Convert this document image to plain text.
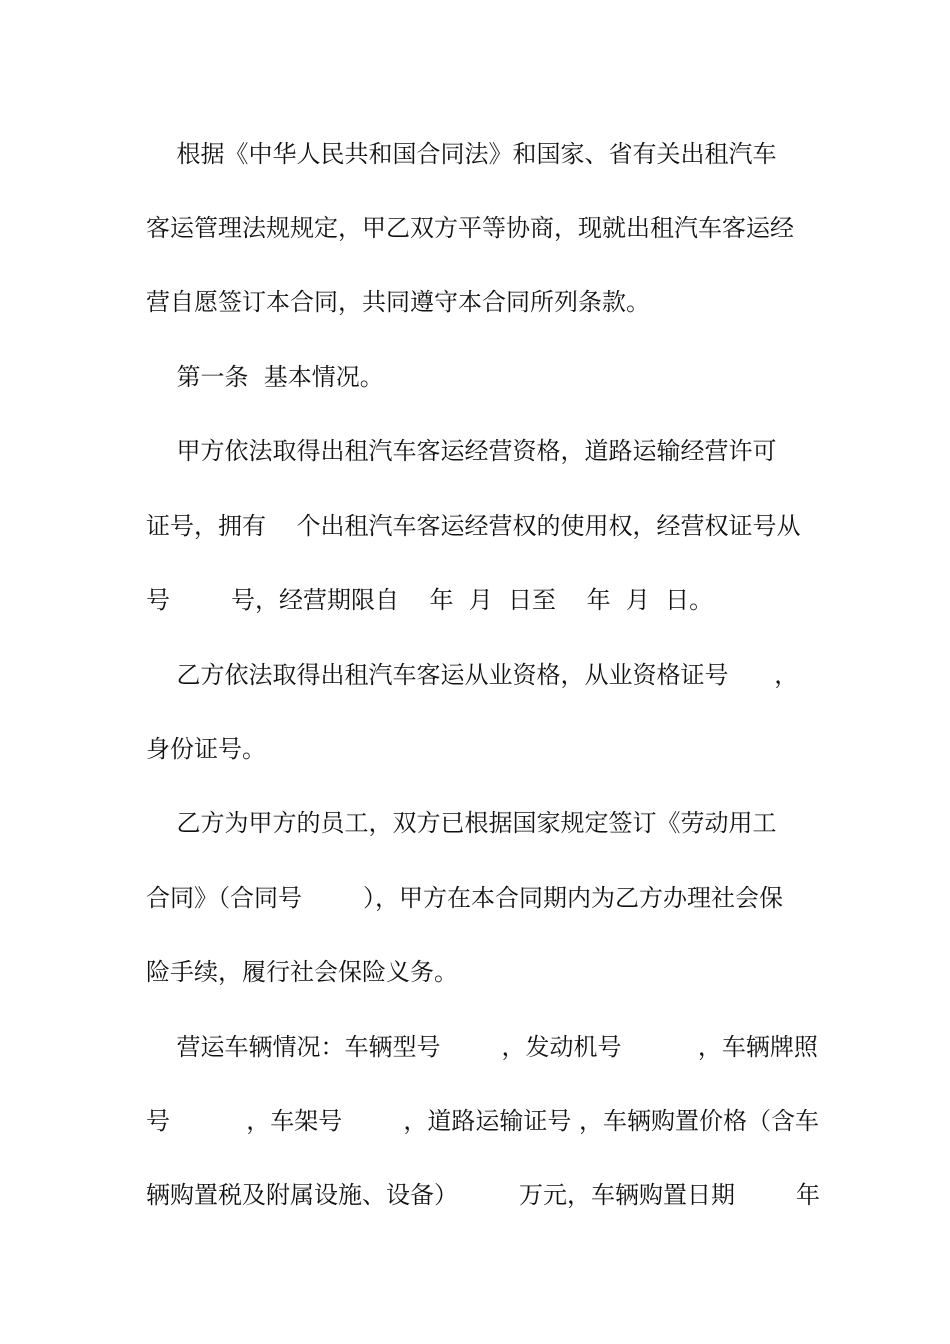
根据《中华人民共和国合同法》和国家、省有关出租汽车

客运管理法规规定，甲乙双方平等协商，现就出租汽车客运经

营自愿签订本合同，共同遵守本合同所列条款。

第一条  基本情况。

甲方依法取得出租汽车客运经营资格，道路运输经营许可

证号，拥有    个出租汽车客运经营权的使用权，经营权证号从

号        号，经营期限自    年  月  日至    年  月  日。

乙方依法取得出租汽车客运从业资格，从业资格证号      ，

身份证号。

乙方为甲方的员工，双方已根据国家规定签订《劳动用工

合同》（合同号        ），甲方在本合同期内为乙方办理社会保

险手续，履行社会保险义务。

营运车辆情况：车辆型号        ，发动机号          ，车辆牌照

号          ，车架号        ，道路运输证号 ，车辆购置价格（含车

辆购置税及附属设施、设备）        万元，车辆购置日期        年
